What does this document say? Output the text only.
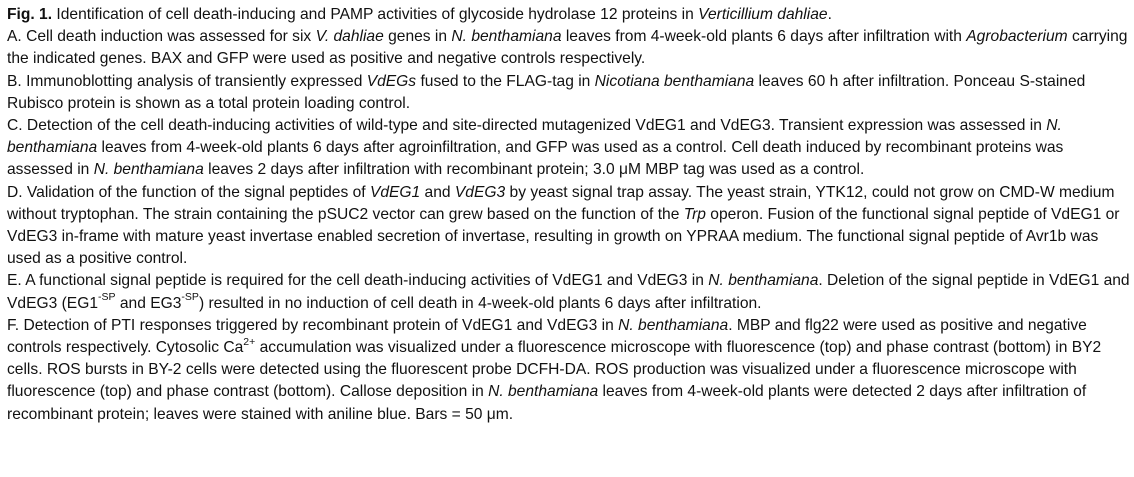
Fig. 1. Identification of cell death-inducing and PAMP activities of glycoside hydrolase 12 proteins in Verticillium dahliae.

A. Cell death induction was assessed for six V. dahliae genes in N. benthamiana leaves from 4-week-old plants 6 days after infiltration with Agrobacterium carrying the indicated genes. BAX and GFP were used as positive and negative controls respectively.

B. Immunoblotting analysis of transiently expressed VdEGs fused to the FLAG-tag in Nicotiana benthamiana leaves 60 h after infiltration. Ponceau S-stained Rubisco protein is shown as a total protein loading control.

C. Detection of the cell death-inducing activities of wild-type and site-directed mutagenized VdEG1 and VdEG3. Transient expression was assessed in N. benthamiana leaves from 4-week-old plants 6 days after agroinfiltration, and GFP was used as a control. Cell death induced by recombinant proteins was assessed in N. benthamiana leaves 2 days after infiltration with recombinant protein; 3.0 μM MBP tag was used as a control.

D. Validation of the function of the signal peptides of VdEG1 and VdEG3 by yeast signal trap assay. The yeast strain, YTK12, could not grow on CMD-W medium without tryptophan. The strain containing the pSUC2 vector can grew based on the function of the Trp operon. Fusion of the functional signal peptide of VdEG1 or VdEG3 in-frame with mature yeast invertase enabled secretion of invertase, resulting in growth on YPRAA medium. The functional signal peptide of Avr1b was used as a positive control.

E. A functional signal peptide is required for the cell death-inducing activities of VdEG1 and VdEG3 in N. benthamiana. Deletion of the signal peptide in VdEG1 and VdEG3 ($EG1^{-SP}$ and $EG3^{-SP}$) resulted in no induction of cell death in 4-week-old plants 6 days after infiltration.

F. Detection of PTI responses triggered by recombinant protein of VdEG1 and VdEG3 in N. benthamiana. MBP and flg22 were used as positive and negative controls respectively. Cytosolic $Ca^{2+}$ accumulation was visualized under a fluorescence microscope with fluorescence (top) and phase contrast (bottom) in BY2 cells. ROS bursts in BY-2 cells were detected using the fluorescent probe DCFH-DA. ROS production was visualized under a fluorescence microscope with fluorescence (top) and phase contrast (bottom). Callose deposition in N. benthamiana leaves from 4-week-old plants were detected 2 days after infiltration of recombinant protein; leaves were stained with aniline blue. Bars = 50 μm.
